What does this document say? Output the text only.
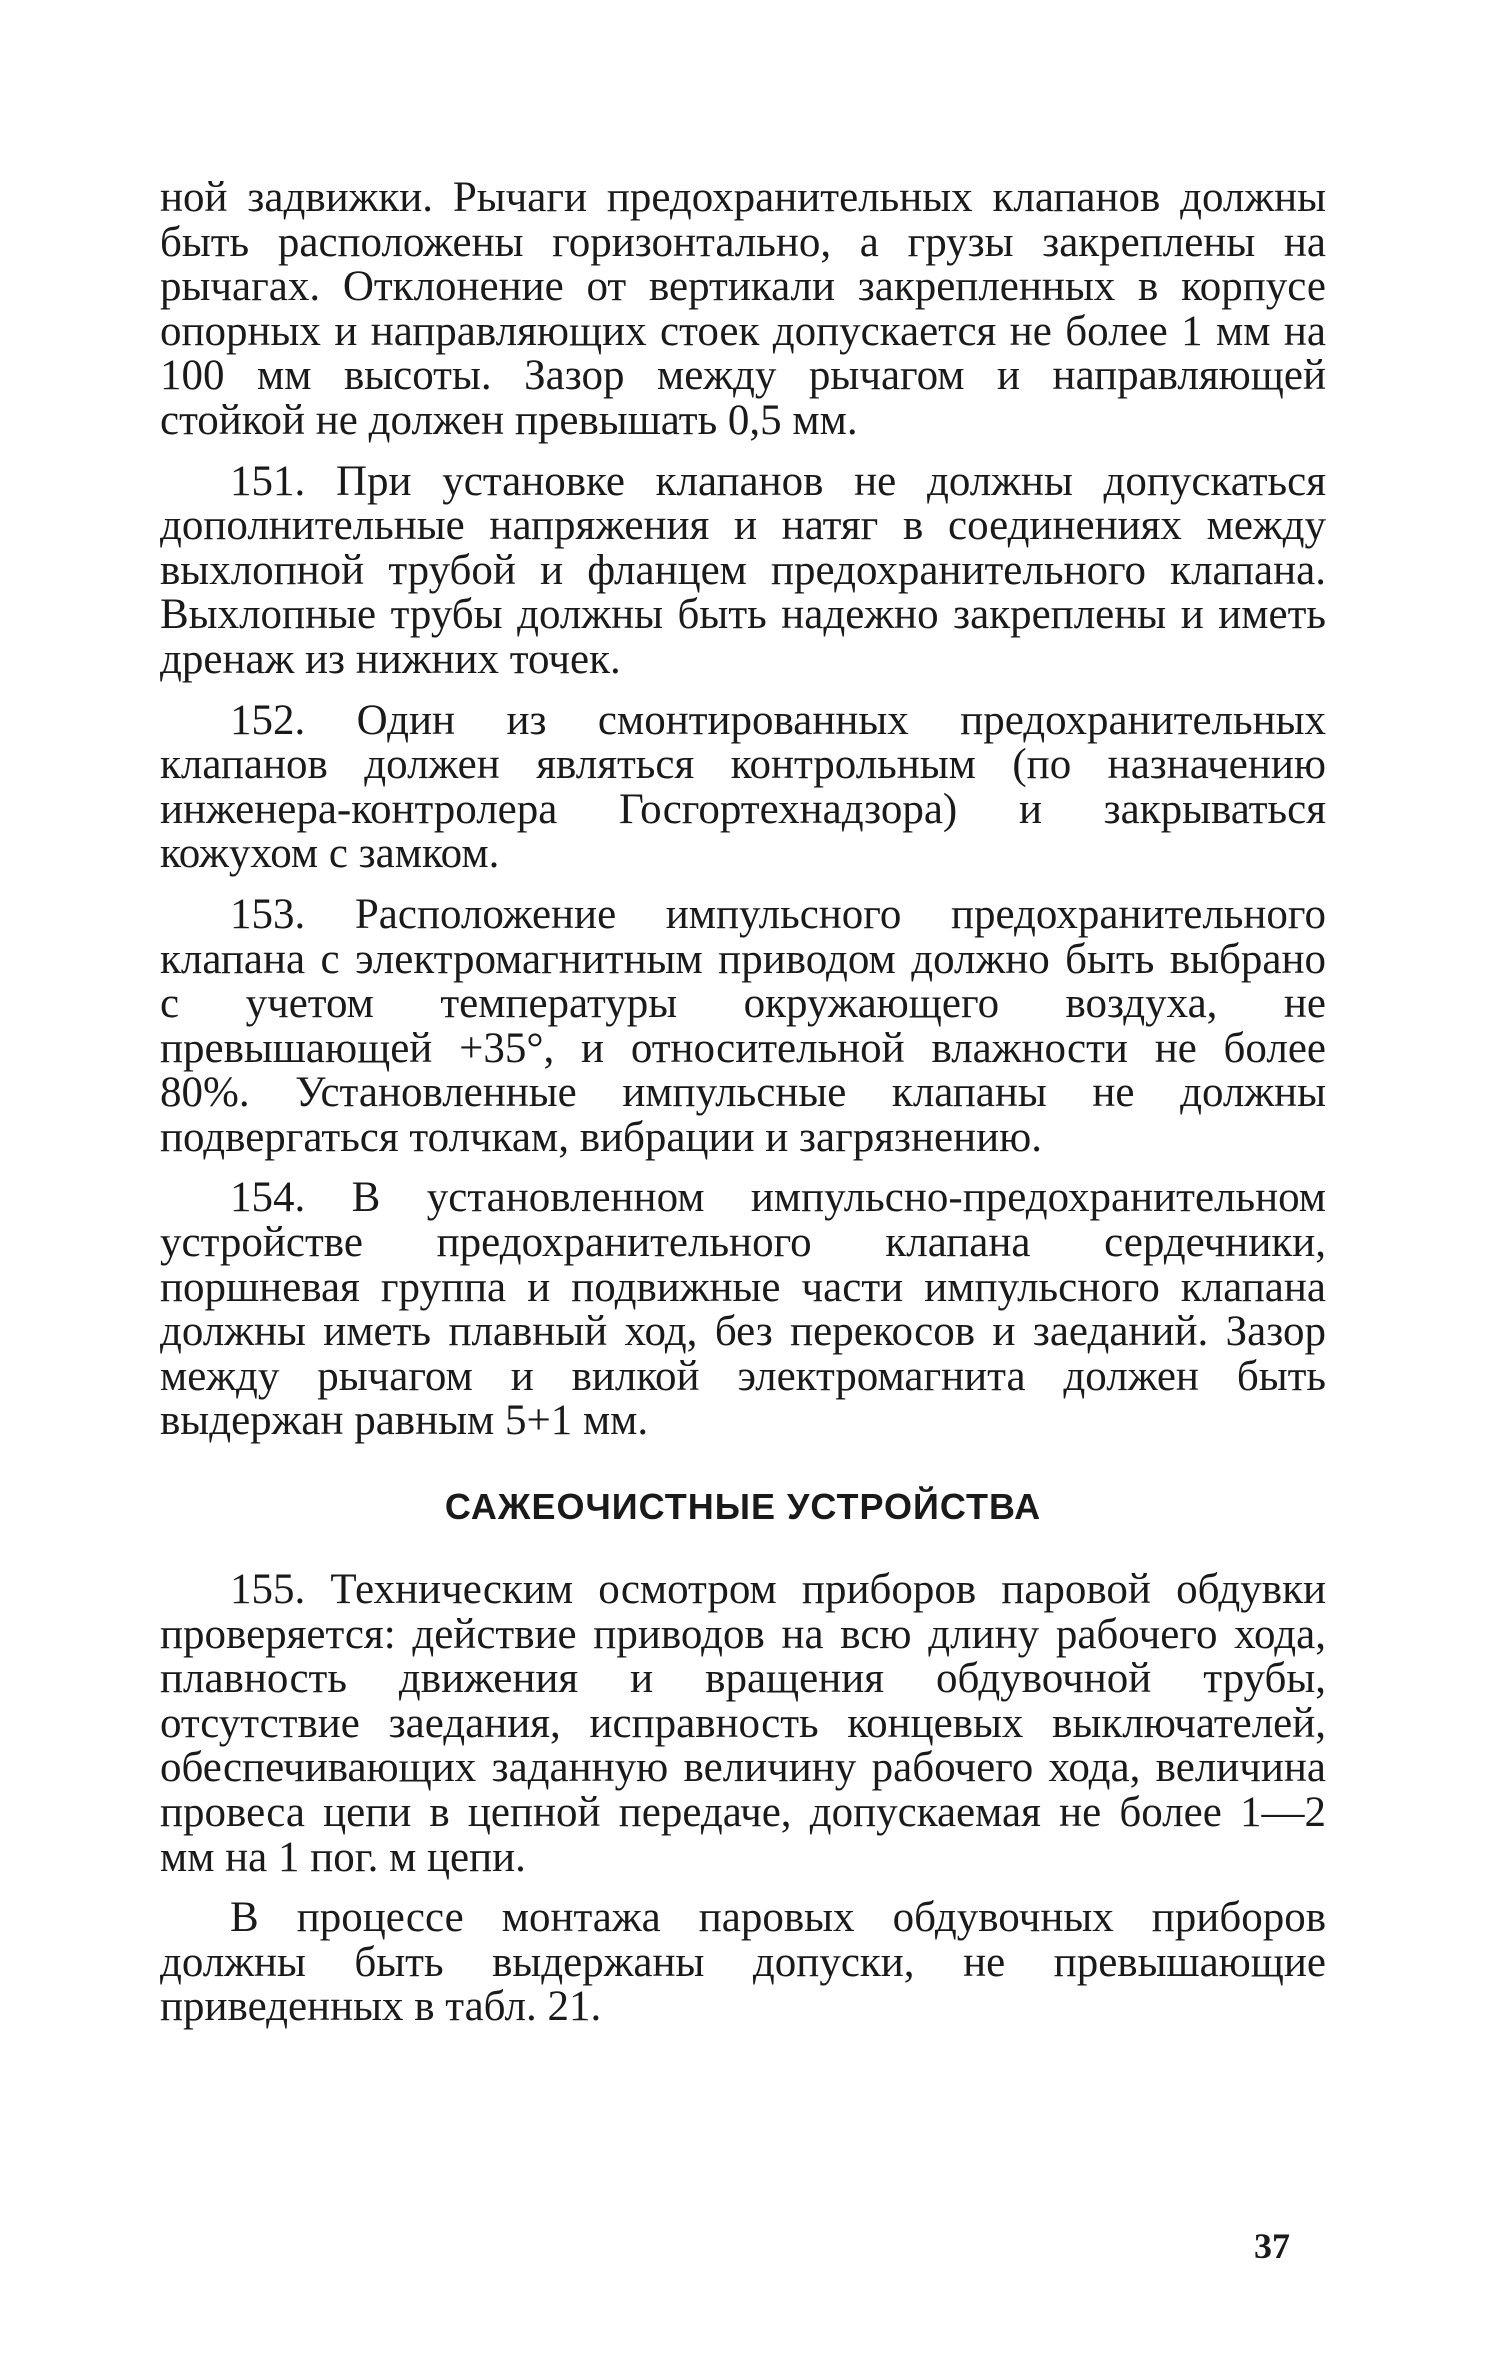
ной задвижки. Рычаги предохранительных клапанов должны быть расположены горизонтально, а грузы закреплены на рычагах. Отклонение от вертикали закрепленных в корпусе опорных и направляющих стоек допускается не более 1 мм на 100 мм высоты. Зазор между рычагом и направляющей стойкой не должен превышать 0,5 мм.

151. При установке клапанов не должны допускаться дополнительные напряжения и натяг в соединениях между выхлопной трубой и фланцем предохранительного клапана. Выхлопные трубы должны быть надежно закреплены и иметь дренаж из нижних точек.

152. Один из смонтированных предохранительных клапанов должен являться контрольным (по назначению инженера-контролера Госгортехнадзора) и закрываться кожухом с замком.

153. Расположение импульсного предохранительного клапана с электромагнитным приводом должно быть выбрано с учетом температуры окружающего воздуха, не превышающей +35°, и относительной влажности не более 80%. Установленные импульсные клапаны не должны подвергаться толчкам, вибрации и загрязнению.

154. В установленном импульсно-предохранительном устройстве предохранительного клапана сердечники, поршневая группа и подвижные части импульсного клапана должны иметь плавный ход, без перекосов и заеданий. Зазор между рычагом и вилкой электромагнита должен быть выдержан равным 5+1 мм.

САЖЕОЧИСТНЫЕ УСТРОЙСТВА

155. Техническим осмотром приборов паровой обдувки проверяется: действие приводов на всю длину рабочего хода, плавность движения и вращения обдувочной трубы, отсутствие заедания, исправность концевых выключателей, обеспечивающих заданную величину рабочего хода, величина провеса цепи в цепной передаче, допускаемая не более 1—2 мм на 1 пог. м цепи.

В процессе монтажа паровых обдувочных приборов должны быть выдержаны допуски, не превышающие приведенных в табл. 21.

37
